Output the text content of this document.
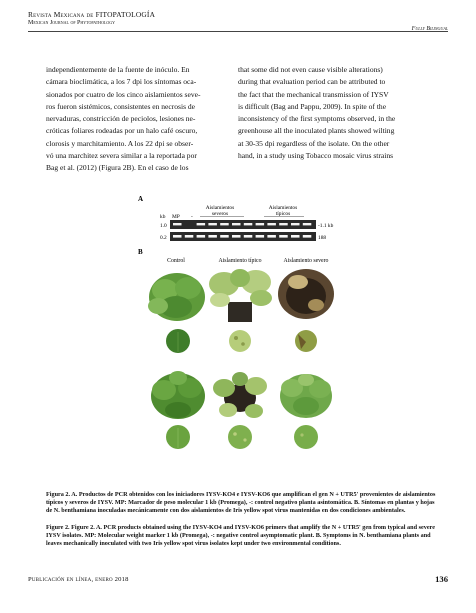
Revista Mexicana de FITOPATOLOGÍA
Mexican Journal of Phytopathology
Fully Bilingual

independientemente de la fuente de inóculo. En

cámara bioclimática, a los 7 dpi los síntomas oca-

sionados por cuatro de los cinco aislamientos seve-

ros fueron sistémicos, consistentes en necrosis de

nervaduras, constricción de peciolos, lesiones ne-

cróticas foliares rodeadas por un halo café oscuro,

clorosis y marchitamiento. A los 22 dpi se obser-

vó una marchitez severa similar a la reportada por

Bag et al. (2012) (Figura 2B). En el caso de los

that some did not even cause visible alterations)

during that evaluation period can be attributed to

the fact that the mechanical transmission of IYSV

is difficult (Bag and Pappu, 2009). In spite of the

inconsistency of the first symptoms observed, in the

greenhouse all the inoculated plants showed wilting

at 30-35 dpi regardless of the isolate. On the other

hand, in a study using Tobacco mosaic virus strains

A
Aislamientos severos
Aislamientos típicos
kb MP -
1.0
0.2
-1.1 kb
188
B
Control	Aislamiento típico	Aislamiento severo
Figura 2. A. Productos de PCR obtenidos con los iniciadores IYSV-KO4 e IYSV-KO6 que amplifican el gen N + UTR5' provenientes de aislamientos típicos y severos de IYSV. MP: Marcador de peso molecular 1 kb (Promega), -: control negativo planta asintomática. B. Síntomas en plantas y hojas de N. benthamiana inoculadas mecánicamente con dos aislamientos de Iris yellow spot virus mantenidas en dos condiciones ambientales.
Figure 2. Figure 2. A. PCR products obtained using the IYSV-KO4 and IYSV-KO6 primers that amplify the N + UTR5' gen from typical and severe IYSV isolates. MP: Molecular weight marker 1 kb (Promega), -: negative control asymptomatic plant. B. Symptoms in N. benthamiana plants and leaves mechanically inoculated with two Iris yellow spot virus isolates kept under two environmental conditions.
Publicación en línea, enero 2018	136
